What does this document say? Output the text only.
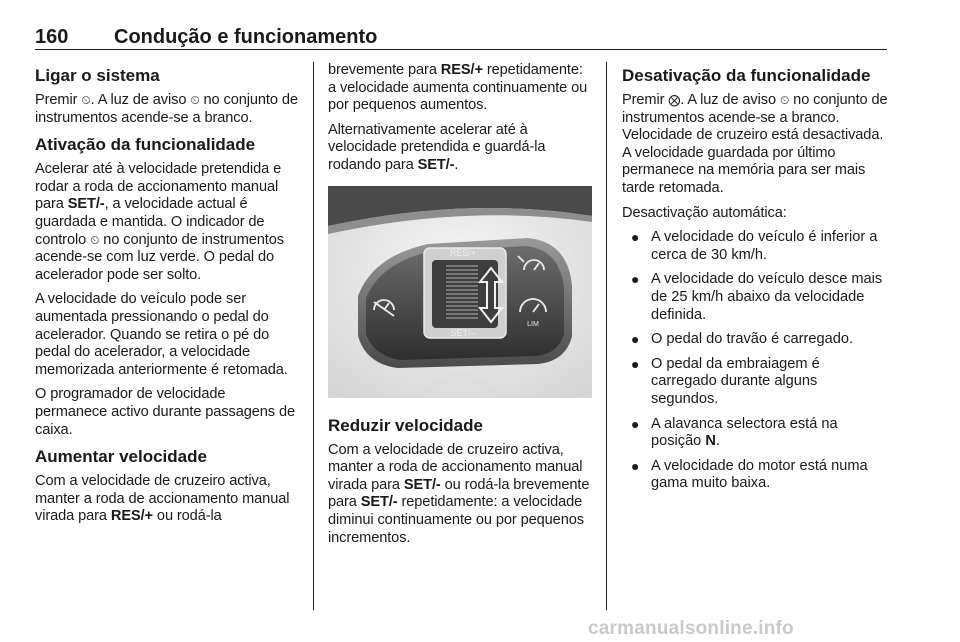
160 Condução e funcionamento
Ligar o sistema

Premir ⏲. A luz de aviso ⏲ no conjunto de instrumentos acende-se a branco.

Ativação da funcionalidade

Acelerar até à velocidade pretendida e rodar a roda de accionamento manual para SET/-, a velocidade actual é guardada e mantida. O indicador de controlo ⏲ no conjunto de instrumentos acende-se com luz verde. O pedal do acelerador pode ser solto.

A velocidade do veículo pode ser aumentada pressionando o pedal do acelerador. Quando se retira o pé do pedal do acelerador, a velocidade memorizada anteriormente é retomada.

O programador de velocidade permanece activo durante passagens de caixa.

Aumentar velocidade

Com a velocidade de cruzeiro activa, manter a roda de accionamento manual virada para RES/+ ou rodá-la

brevemente para RES/+ repetidamente: a velocidade aumenta continuamente ou por pequenos aumentos.

Alternativamente acelerar até à velocidade pretendida e guardá-la rodando para SET/-.

RES/+
SET/–
LIM
Reduzir velocidade

Com a velocidade de cruzeiro activa, manter a roda de accionamento manual virada para SET/- ou rodá-la brevemente para SET/- repetidamente: a velocidade diminui continuamente ou por pequenos incrementos.

Desativação da funcionalidade

Premir ⨂. A luz de aviso ⏲ no conjunto de instrumentos acende-se a branco. Velocidade de cruzeiro está desactivada. A velocidade guardada por último permanece na memória para ser mais tarde retomada.

Desactivação automática:

● A velocidade do veículo é inferior a cerca de 30 km/h.
● A velocidade do veículo desce mais de 25 km/h abaixo da velocidade definida.
● O pedal do travão é carregado.
● O pedal da embraiagem é carregado durante alguns segundos.
● A alavanca selectora está na posição N.
● A velocidade do motor está numa gama muito baixa.
carmanualsonline.info
